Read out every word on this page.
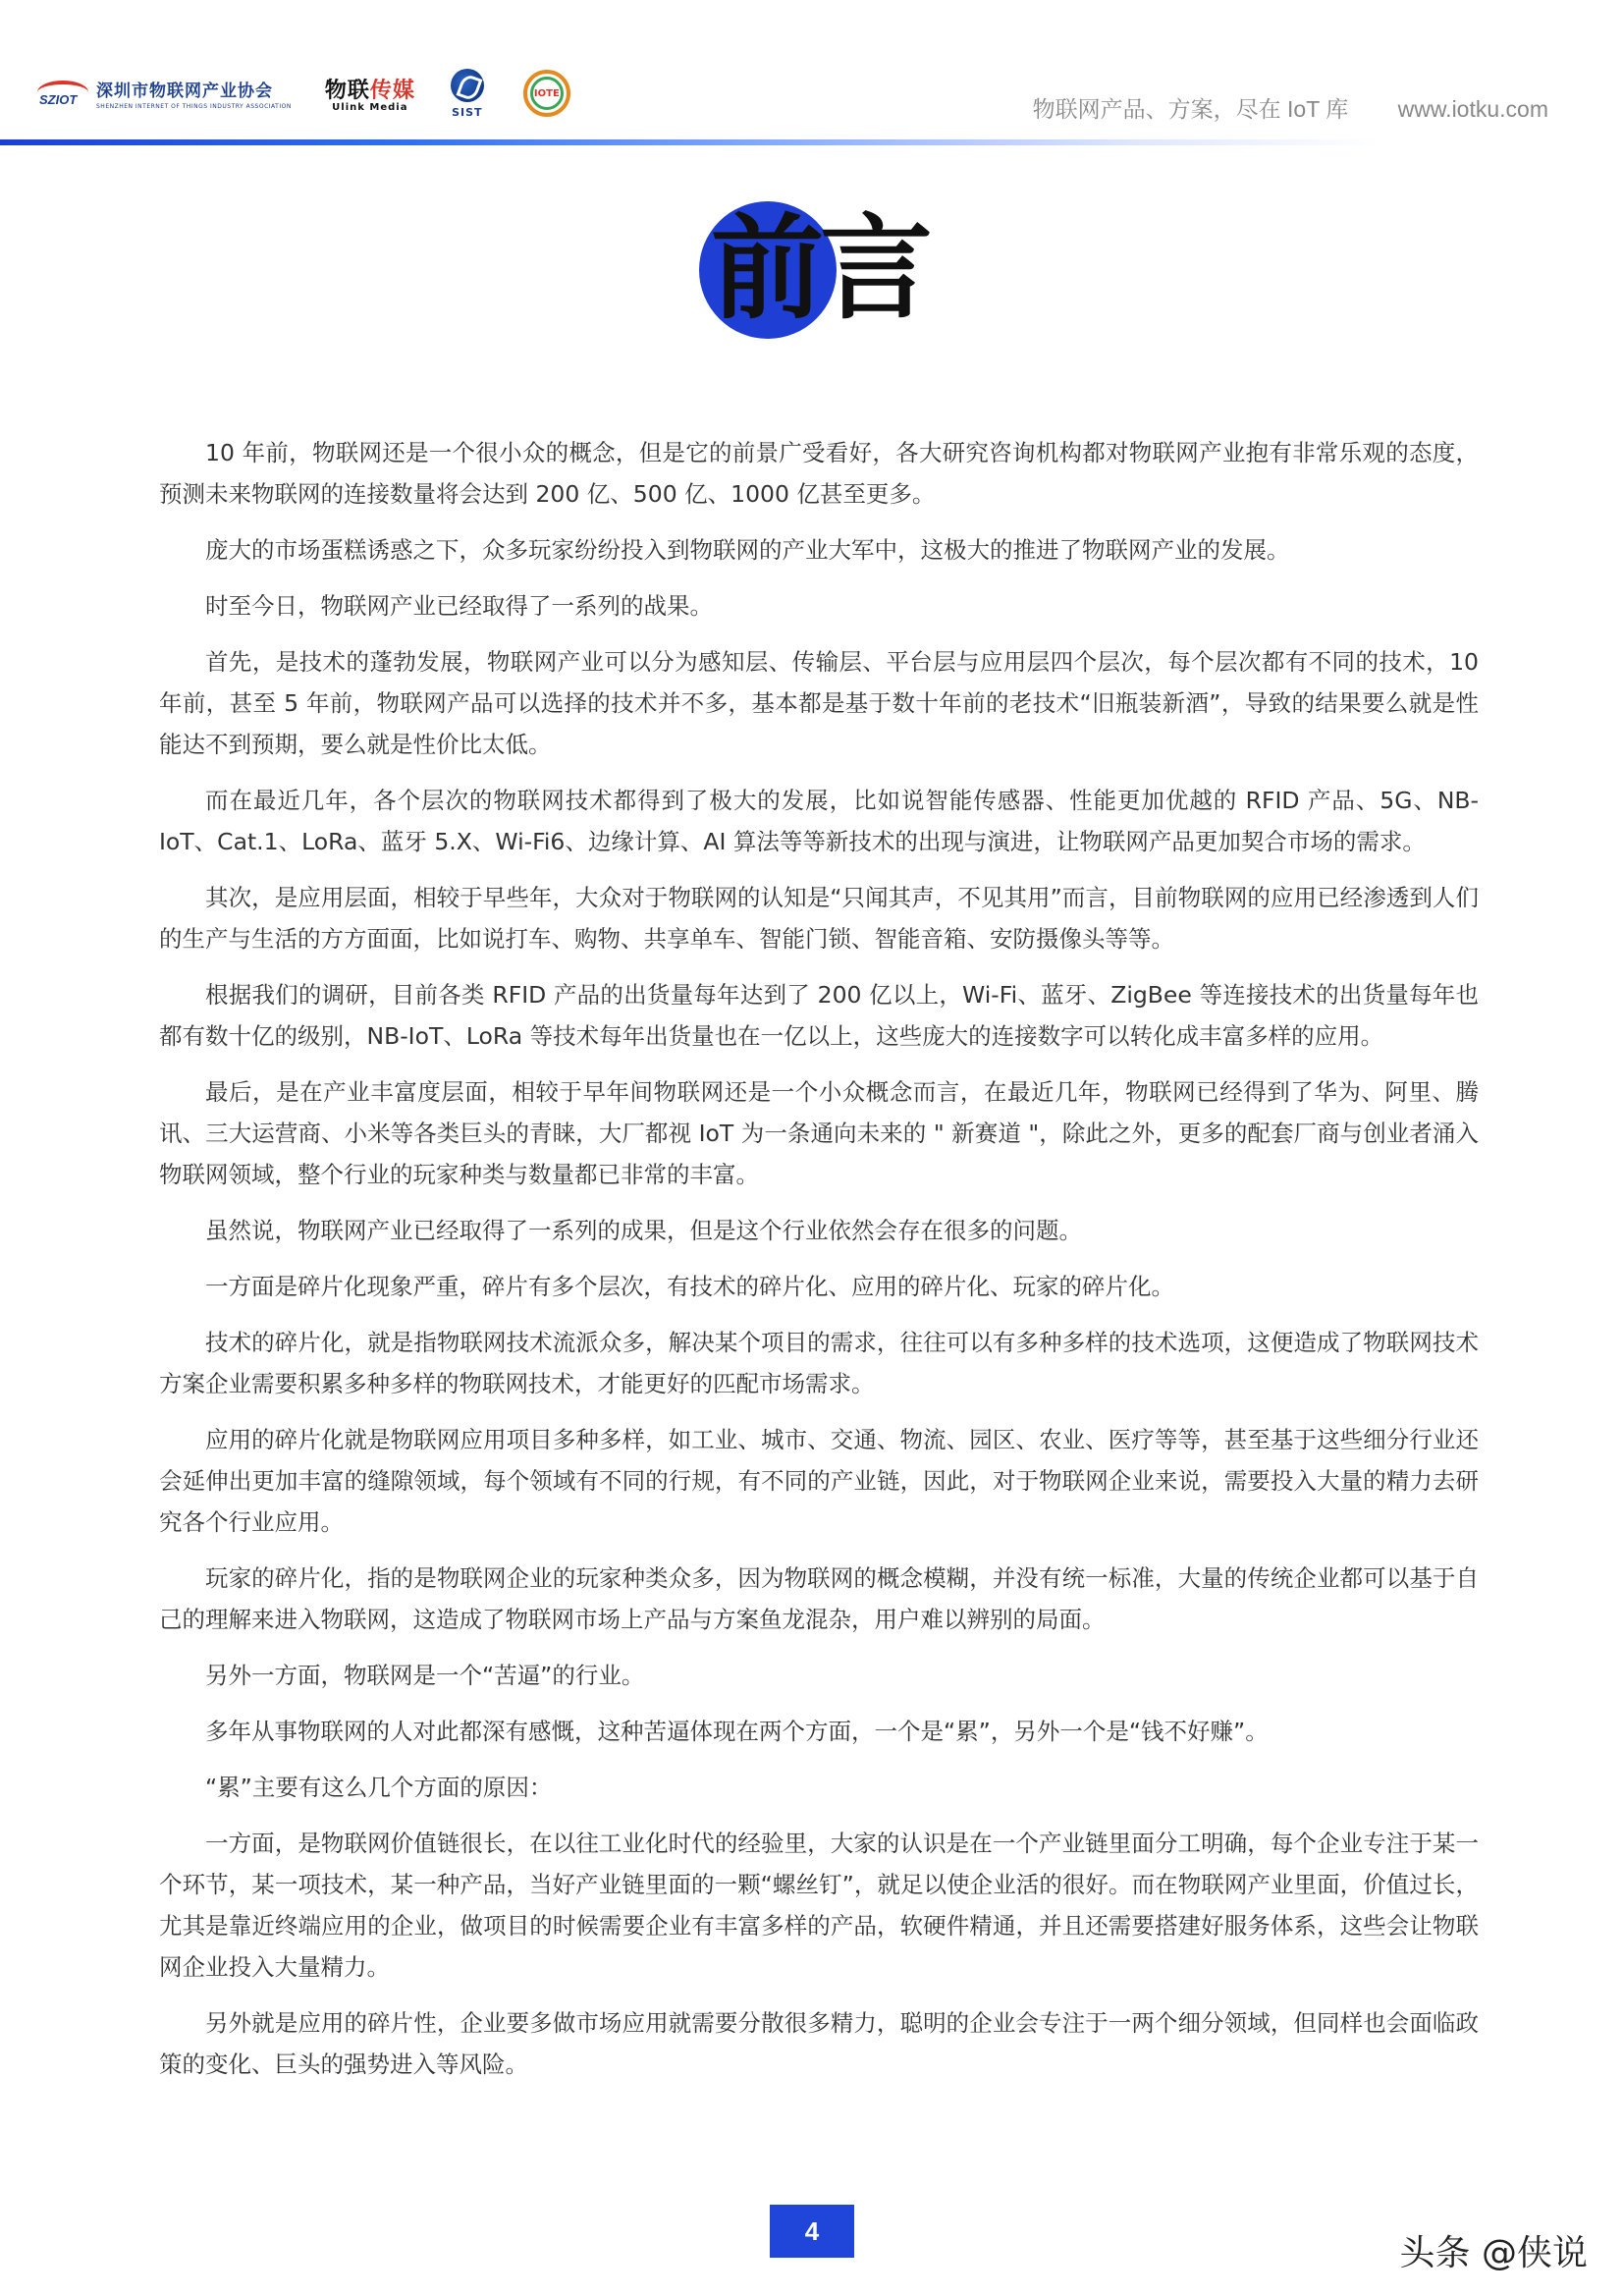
SZIOT 深圳市物联网产业协会
SHENZHEN INTERNET OF THINGS INDUSTRY ASSOCIATION
物联传媒
Ulink Media	SIST
IOTE
物联网产品、方案，尽在 IoT 库 www.iotku.com
前言

10 年前，物联网还是一个很小众的概念，但是它的前景广受看好，各大研究咨询机构都对物联网产业抱有非常乐观的态度，预测未来物联网的连接数量将会达到 200 亿、500 亿、1000 亿甚至更多。

庞大的市场蛋糕诱惑之下，众多玩家纷纷投入到物联网的产业大军中，这极大的推进了物联网产业的发展。

时至今日，物联网产业已经取得了一系列的战果。

首先，是技术的蓬勃发展，物联网产业可以分为感知层、传输层、平台层与应用层四个层次，每个层次都有不同的技术，10 年前，甚至 5 年前，物联网产品可以选择的技术并不多，基本都是基于数十年前的老技术“旧瓶装新酒”，导致的结果要么就是性能达不到预期，要么就是性价比太低。

而在最近几年，各个层次的物联网技术都得到了极大的发展，比如说智能传感器、性能更加优越的 RFID 产品、5G、NB-IoT、Cat.1、LoRa、蓝牙 5.X、Wi-Fi6、边缘计算、AI 算法等等新技术的出现与演进，让物联网产品更加契合市场的需求。

其次，是应用层面，相较于早些年，大众对于物联网的认知是“只闻其声，不见其用”而言，目前物联网的应用已经渗透到人们的生产与生活的方方面面，比如说打车、购物、共享单车、智能门锁、智能音箱、安防摄像头等等。

根据我们的调研，目前各类 RFID 产品的出货量每年达到了 200 亿以上，Wi-Fi、蓝牙、ZigBee 等连接技术的出货量每年也都有数十亿的级别，NB-IoT、LoRa 等技术每年出货量也在一亿以上，这些庞大的连接数字可以转化成丰富多样的应用。

最后，是在产业丰富度层面，相较于早年间物联网还是一个小众概念而言，在最近几年，物联网已经得到了华为、阿里、腾讯、三大运营商、小米等各类巨头的青睐，大厂都视 IoT 为一条通向未来的 " 新赛道 "，除此之外，更多的配套厂商与创业者涌入物联网领域，整个行业的玩家种类与数量都已非常的丰富。

虽然说，物联网产业已经取得了一系列的成果，但是这个行业依然会存在很多的问题。

一方面是碎片化现象严重，碎片有多个层次，有技术的碎片化、应用的碎片化、玩家的碎片化。

技术的碎片化，就是指物联网技术流派众多，解决某个项目的需求，往往可以有多种多样的技术选项，这便造成了物联网技术方案企业需要积累多种多样的物联网技术，才能更好的匹配市场需求。

应用的碎片化就是物联网应用项目多种多样，如工业、城市、交通、物流、园区、农业、医疗等等，甚至基于这些细分行业还会延伸出更加丰富的缝隙领域，每个领域有不同的行规，有不同的产业链，因此，对于物联网企业来说，需要投入大量的精力去研究各个行业应用。

玩家的碎片化，指的是物联网企业的玩家种类众多，因为物联网的概念模糊，并没有统一标准，大量的传统企业都可以基于自己的理解来进入物联网，这造成了物联网市场上产品与方案鱼龙混杂，用户难以辨别的局面。

另外一方面，物联网是一个“苦逼”的行业。

多年从事物联网的人对此都深有感慨，这种苦逼体现在两个方面，一个是“累”，另外一个是“钱不好赚”。

“累”主要有这么几个方面的原因：

一方面，是物联网价值链很长，在以往工业化时代的经验里，大家的认识是在一个产业链里面分工明确，每个企业专注于某一个环节，某一项技术，某一种产品，当好产业链里面的一颗“螺丝钉”，就足以使企业活的很好。而在物联网产业里面，价值过长，尤其是靠近终端应用的企业，做项目的时候需要企业有丰富多样的产品，软硬件精通，并且还需要搭建好服务体系，这些会让物联网企业投入大量精力。

另外就是应用的碎片性，企业要多做市场应用就需要分散很多精力，聪明的企业会专注于一两个细分领域，但同样也会面临政策的变化、巨头的强势进入等风险。

4
头条 @侠说
